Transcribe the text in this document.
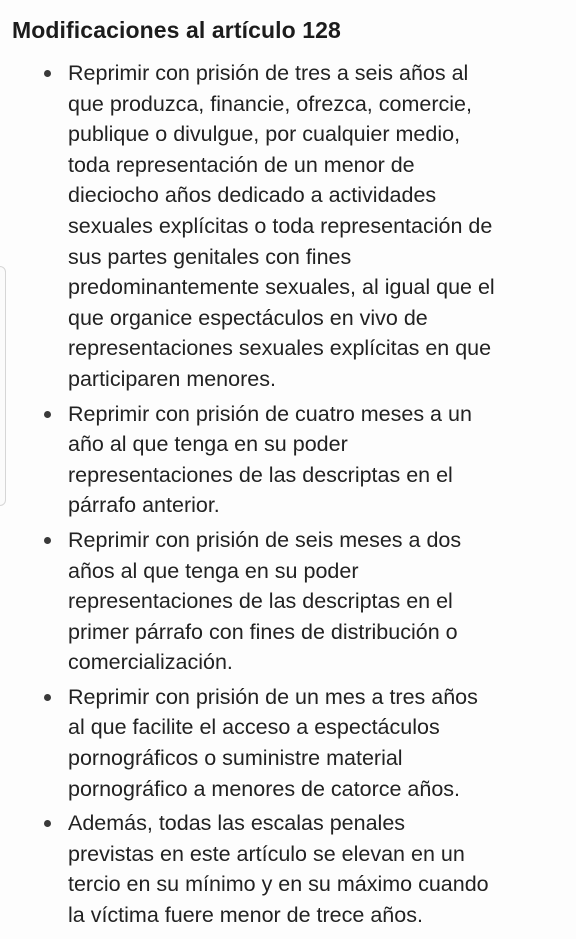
Modificaciones al artículo 128
Reprimir con prisión de tres a seis años al
que produzca, financie, ofrezca, comercie,
publique o divulgue, por cualquier medio,
toda representación de un menor de
dieciocho años dedicado a actividades
sexuales explícitas o toda representación de
sus partes genitales con fines
predominantemente sexuales, al igual que el
que organice espectáculos en vivo de
representaciones sexuales explícitas en que
participaren menores.
Reprimir con prisión de cuatro meses a un
año al que tenga en su poder
representaciones de las descriptas en el
párrafo anterior.
Reprimir con prisión de seis meses a dos
años al que tenga en su poder
representaciones de las descriptas en el
primer párrafo con fines de distribución o
comercialización.
Reprimir con prisión de un mes a tres años
al que facilite el acceso a espectáculos
pornográficos o suministre material
pornográfico a menores de catorce años.
Además, todas las escalas penales
previstas en este artículo se elevan en un
tercio en su mínimo y en su máximo cuando
la víctima fuere menor de trece años.
